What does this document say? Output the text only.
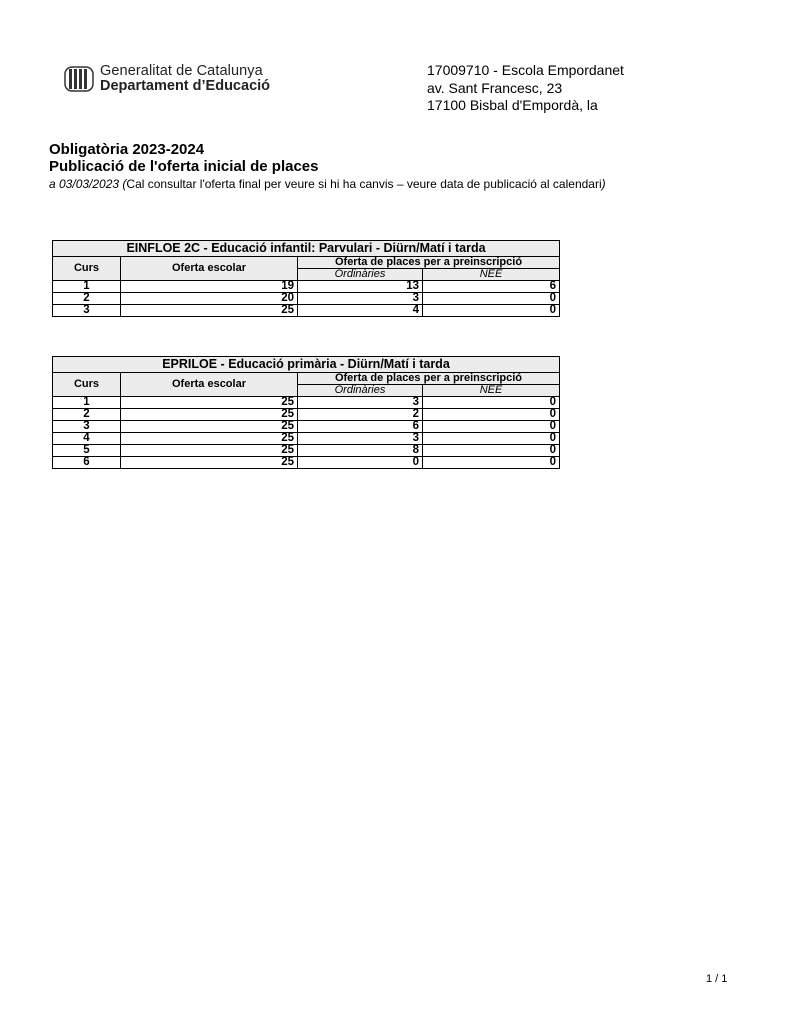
Generalitat de Catalunya
Departament d’Educació
17009710 - Escola Empordanet
av. Sant Francesc, 23
17100 Bisbal d'Empordà, la
Obligatòria 2023-2024
Publicació de l'oferta inicial de places
a 03/03/2023 (Cal consultar l'oferta final per veure si hi ha canvis – veure data de publicació al calendari)
EINFLOE 2C - Educació infantil: Parvulari - Diürn/Matí i tarda			
Curs	Oferta escolar	Oferta de places per a preinscripció	
		Ordinàries	NEE
1	19	13	6
2	20	3	0
3	25	4	0
EPRILOE - Educació primària - Diürn/Matí i tarda			
Curs	Oferta escolar	Oferta de places per a preinscripció	
		Ordinàries	NEE
1	25	3	0
2	25	2	0
3	25	6	0
4	25	3	0
5	25	8	0
6	25	0	0
1 / 1
